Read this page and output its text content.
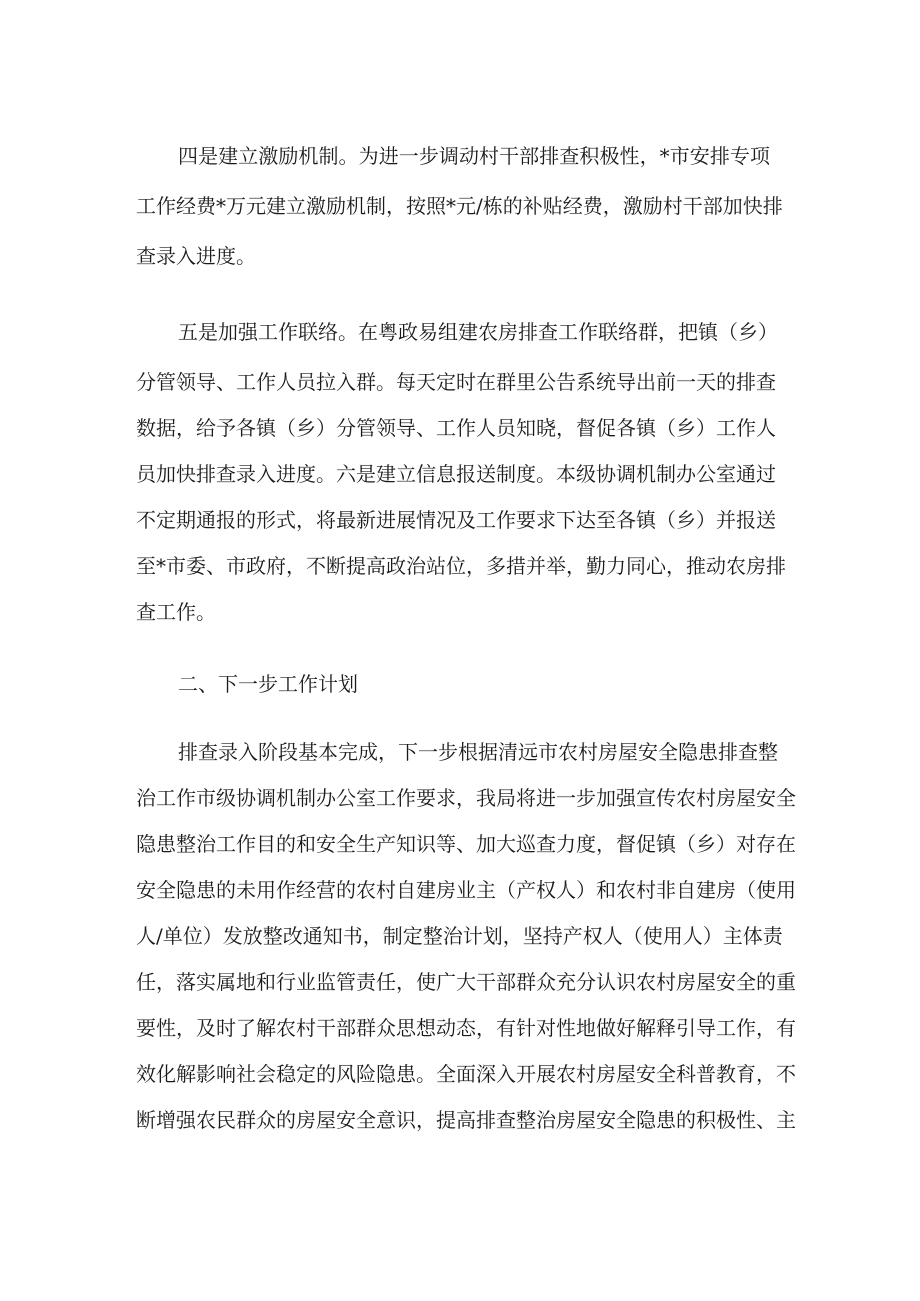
四是建立激励机制。为进一步调动村干部排查积极性，*市安排专项
工作经费*万元建立激励机制，按照*元/栋的补贴经费，激励村干部加快排
查录入进度。
五是加强工作联络。在粤政易组建农房排查工作联络群，把镇（乡）
分管领导、工作人员拉入群。每天定时在群里公告系统导出前一天的排查
数据，给予各镇（乡）分管领导、工作人员知晓，督促各镇（乡）工作人
员加快排查录入进度。六是建立信息报送制度。本级协调机制办公室通过
不定期通报的形式，将最新进展情况及工作要求下达至各镇（乡）并报送
至*市委、市政府，不断提高政治站位，多措并举，勤力同心，推动农房排
查工作。
二、下一步工作计划
排查录入阶段基本完成，下一步根据清远市农村房屋安全隐患排查整
治工作市级协调机制办公室工作要求，我局将进一步加强宣传农村房屋安全
隐患整治工作目的和安全生产知识等、加大巡查力度，督促镇（乡）对存在
安全隐患的未用作经营的农村自建房业主（产权人）和农村非自建房（使用
人/单位）发放整改通知书，制定整治计划，坚持产权人（使用人）主体责
任，落实属地和行业监管责任，使广大干部群众充分认识农村房屋安全的重
要性，及时了解农村干部群众思想动态，有针对性地做好解释引导工作，有
效化解影响社会稳定的风险隐患。全面深入开展农村房屋安全科普教育，不
断增强农民群众的房屋安全意识，提高排查整治房屋安全隐患的积极性、主
